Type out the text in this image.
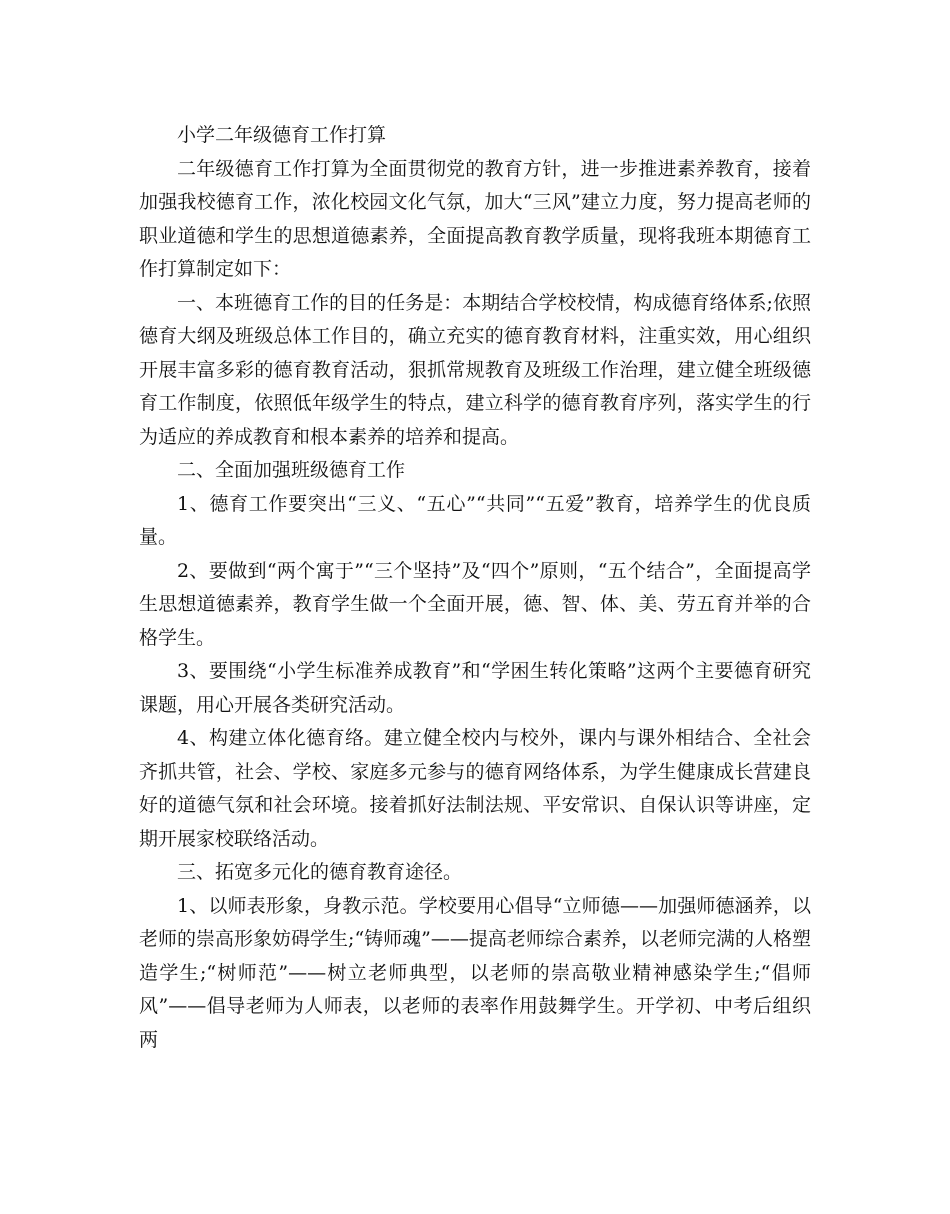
小学二年级德育工作打算

二年级德育工作打算为全面贯彻党的教育方针，进一步推进素养教育，接着加强我校德育工作，浓化校园文化气氛，加大“三风”建立力度，努力提高老师的职业道德和学生的思想道德素养，全面提高教育教学质量，现将我班本期德育工作打算制定如下：

一、本班德育工作的目的任务是：本期结合学校校情，构成德育络体系;依照德育大纲及班级总体工作目的，确立充实的德育教育材料，注重实效，用心组织开展丰富多彩的德育教育活动，狠抓常规教育及班级工作治理，建立健全班级德育工作制度，依照低年级学生的特点，建立科学的德育教育序列，落实学生的行为适应的养成教育和根本素养的培养和提高。

二、全面加强班级德育工作

1、德育工作要突出“三义、“五心”“共同”“五爱”教育，培养学生的优良质量。

2、要做到“两个寓于”“三个坚持”及“四个”原则，“五个结合”，全面提高学生思想道德素养，教育学生做一个全面开展，德、智、体、美、劳五育并举的合格学生。

3、要围绕“小学生标准养成教育”和“学困生转化策略”这两个主要德育研究课题，用心开展各类研究活动。

4、构建立体化德育络。建立健全校内与校外，课内与课外相结合、全社会齐抓共管，社会、学校、家庭多元参与的德育网络体系，为学生健康成长营建良好的道德气氛和社会环境。接着抓好法制法规、平安常识、自保认识等讲座，定期开展家校联络活动。

三、拓宽多元化的德育教育途径。

1、以师表形象，身教示范。学校要用心倡导“立师德——加强师德涵养，以老师的崇高形象妨碍学生;“铸师魂”——提高老师综合素养，以老师完满的人格塑造学生;“树师范”——树立老师典型，以老师的崇高敬业精神感染学生;“倡师风”——倡导老师为人师表，以老师的表率作用鼓舞学生。开学初、中考后组织两
